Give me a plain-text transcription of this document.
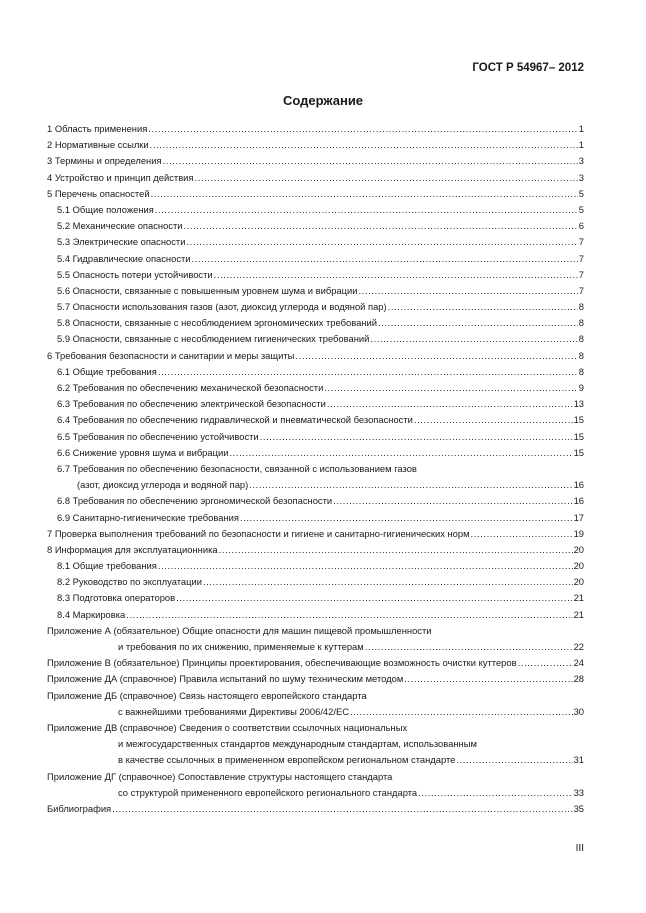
ГОСТ Р 54967– 2012
Содержание
1 Область применения .....	1
2 Нормативные ссылки .....	1
3 Термины и определения .....	3
4 Устройство и принцип действия .....	3
5 Перечень опасностей .....	5
5.1 Общие положения .....	5
5.2 Механические опасности .....	6
5.3 Электрические опасности .....	7
5.4 Гидравлические опасности .....	7
5.5 Опасность потери устойчивости .....	7
5.6 Опасности, связанные с повышенным уровнем шума и вибрации .....	7
5.7 Опасности использования газов (азот, диоксид углерода и водяной пар) .....	8
5.8 Опасности, связанные с несоблюдением эргономических требований .....	8
5.9 Опасности, связанные с несоблюдением гигиенических требований .....	8
6 Требования безопасности и санитарии и меры защиты .....	8
6.1 Общие требования .....	8
6.2 Требования по обеспечению механической безопасности .....	9
6.3 Требования по обеспечению электрической безопасности .....	13
6.4 Требования по обеспечению гидравлической и пневматической безопасности .....	15
6.5 Требования по обеспечению устойчивости .....	15
6.6 Снижение уровня шума и вибрации .....	15
6.7 Требования по обеспечению безопасности, связанной с использованием газов
(азот, диоксид углерода и водяной пар) .....	16
6.8 Требования по обеспечению эргономической безопасности .....	16
6.9 Санитарно-гигиенические требования .....	17
7 Проверка выполнения требований по безопасности и гигиене и санитарно-гигиенических норм .....	19
8 Информация для эксплуатационника .....	20
8.1 Общие требования .....	20
8.2 Руководство по эксплуатации .....	20
8.3 Подготовка операторов .....	21
8.4 Маркировка .....	21
Приложение А (обязательное) Общие опасности для машин пищевой промышленности
и требования по их снижению, применяемые к куттерам .....	22
Приложение В (обязательное) Принципы проектирования, обеспечивающие возможность очистки куттеров .....	24
Приложение ДА (справочное) Правила испытаний по шуму техническим методом .....	28
Приложение ДБ (справочное) Связь настоящего европейского стандарта
с важнейшими требованиями Директивы 2006/42/ЕС .....	30
Приложение ДВ (справочное) Сведения о соответствии ссылочных национальных
и межгосударственных стандартов международным стандартам, использованным
в качестве ссылочных в примененном европейском региональном стандарте .....	31
Приложение ДГ (справочное) Сопоставление структуры настоящего стандарта
со структурой примененного европейского регионального стандарта .....	33
Библиография .....	35
III
